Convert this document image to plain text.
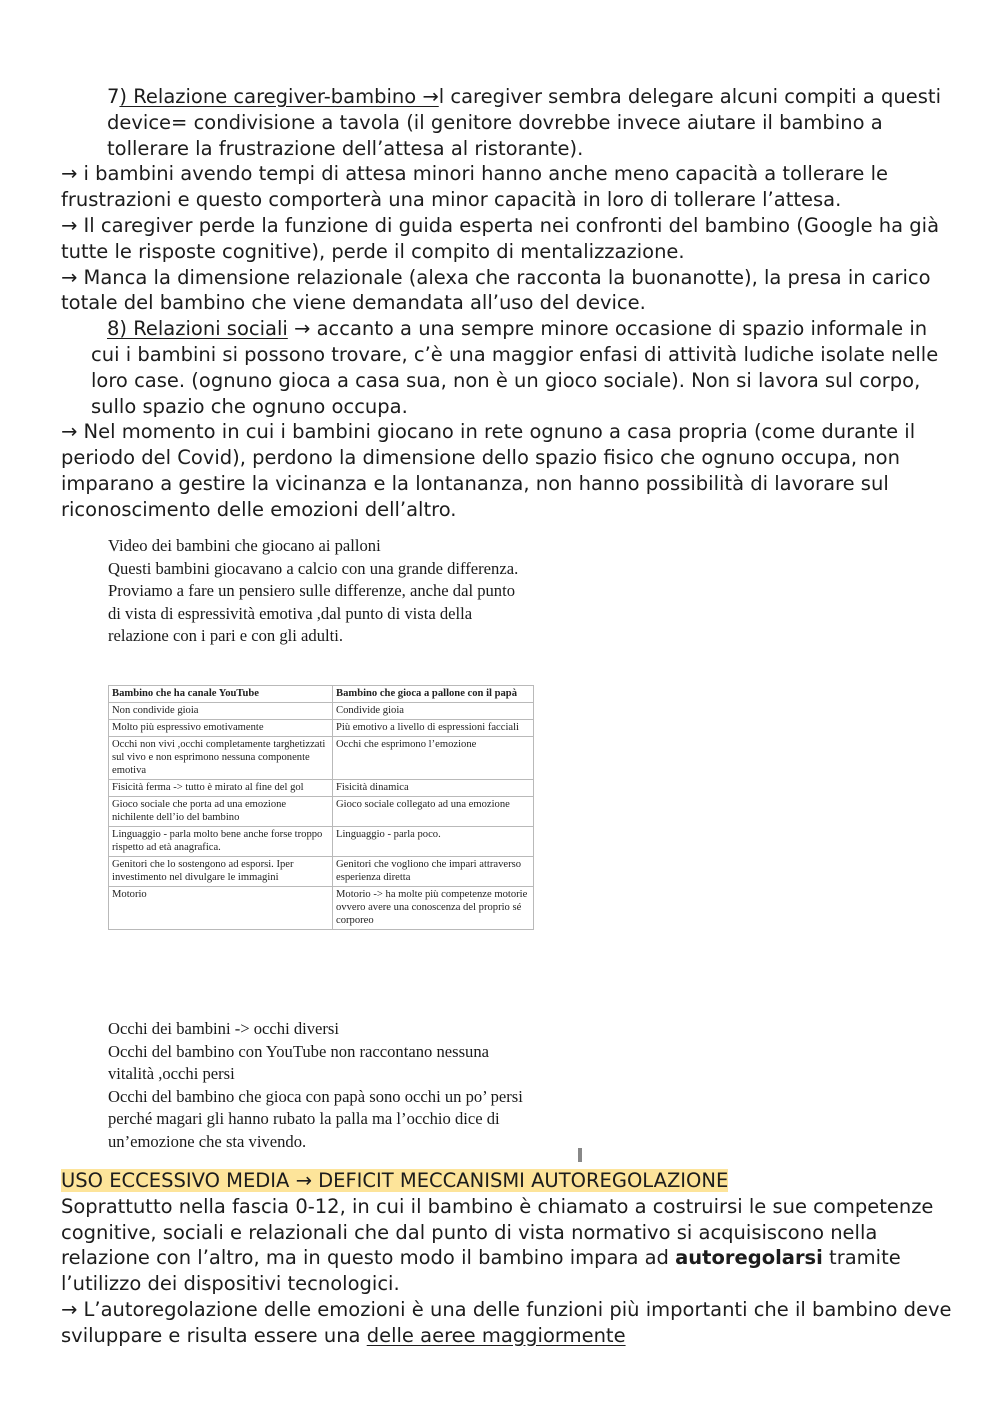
7) Relazione caregiver-bambino →l caregiver sembra delegare alcuni compiti a questi device= condivisione a tavola (il genitore dovrebbe invece aiutare il bambino a tollerare la frustrazione dell’attesa al ristorante).

→ i bambini avendo tempi di attesa minori hanno anche meno capacità a tollerare le frustrazioni e questo comporterà una minor capacità in loro di tollerare l’attesa.

→ Il caregiver perde la funzione di guida esperta nei confronti del bambino (Google ha già tutte le risposte cognitive), perde il compito di mentalizzazione.

→ Manca la dimensione relazionale (alexa che racconta la buonanotte), la presa in carico totale del bambino che viene demandata all’uso del device.

8) Relazioni sociali → accanto a una sempre minore occasione di spazio informale in cui i bambini si possono trovare, c’è una maggior enfasi di attività ludiche isolate nelle loro case. (ognuno gioca a casa sua, non è un gioco sociale). Non si lavora sul corpo, sullo spazio che ognuno occupa.

→ Nel momento in cui i bambini giocano in rete ognuno a casa propria (come durante il periodo del Covid), perdono la dimensione dello spazio fisico che ognuno occupa, non imparano a gestire la vicinanza e la lontananza, non hanno possibilità di lavorare sul riconoscimento delle emozioni dell’altro.

Video dei bambini che giocano ai palloni

Questi bambini giocavano a calcio con una grande differenza.

Proviamo a fare un pensiero sulle differenze, anche dal punto di vista di espressività emotiva ,dal punto di vista della relazione con i pari e con gli adulti.

Bambino che ha canale YouTube	Bambino che gioca a pallone con il papà
Non condivide gioia	Condivide gioia
Molto più espressivo emotivamente	Più emotivo a livello di espressioni facciali
Occhi non vivi ,occhi completamente targhetizzati sul vivo e non esprimono nessuna componente emotiva	Occhi che esprimono l’emozione
Fisicità ferma -> tutto è mirato al fine del gol	Fisicità dinamica
Gioco sociale che porta ad una emozione nichilente dell’io del bambino	Gioco sociale collegato ad una emozione
Linguaggio - parla molto bene anche forse troppo rispetto ad età anagrafica.	Linguaggio - parla poco.
Genitori che lo sostengono ad esporsi. Iper investimento nel divulgare le immagini	Genitori che vogliono che impari attraverso esperienza diretta
Motorio	Motorio -> ha molte più competenze motorie ovvero avere una conoscenza del proprio sé corporeo

Occhi dei bambini -> occhi diversi

Occhi del bambino con YouTube non raccontano nessuna vitalità ,occhi persi

Occhi del bambino che gioca con papà sono occhi un po’ persi perché magari gli hanno rubato la palla ma l’occhio dice di un’emozione che sta vivendo.

USO ECCESSIVO MEDIA → DEFICIT MECCANISMI AUTOREGOLAZIONE

Soprattutto nella fascia 0-12, in cui il bambino è chiamato a costruirsi le sue competenze cognitive, sociali e relazionali che dal punto di vista normativo si acquisiscono nella relazione con l’altro, ma in questo modo il bambino impara ad autoregolarsi tramite l’utilizzo dei dispositivi tecnologici.

→ L’autoregolazione delle emozioni è una delle funzioni più importanti che il bambino deve sviluppare e risulta essere una delle aeree maggiormente
